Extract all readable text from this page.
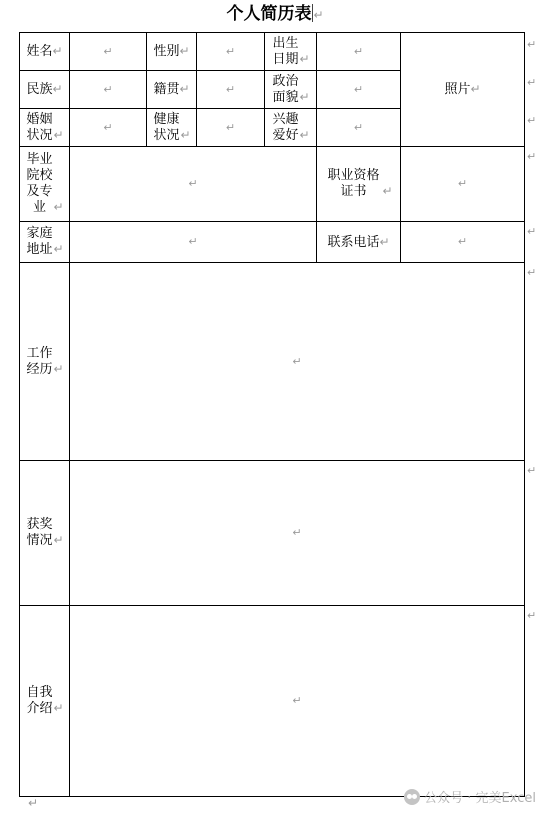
个人简历表 ↵
姓名↵	↵	性别↵	↵	出生日期↵	↵	照片↵
民族↵	↵	籍贯↵	↵	政治面貌↵	↵	
婚姻状况↵	↵	健康状况↵	↵	兴趣爱好↵	↵	
毕业院校及专业 ↵	↵				职业资格证书 ↵	↵
家庭地址↵	↵				联系电话↵	↵
工作经历↵	↵					
获奖情况↵	↵					
自我介绍↵	↵					
↵
↵
↵
↵
↵
↵
↵
↵
↵	公众号 · 完美Excel
